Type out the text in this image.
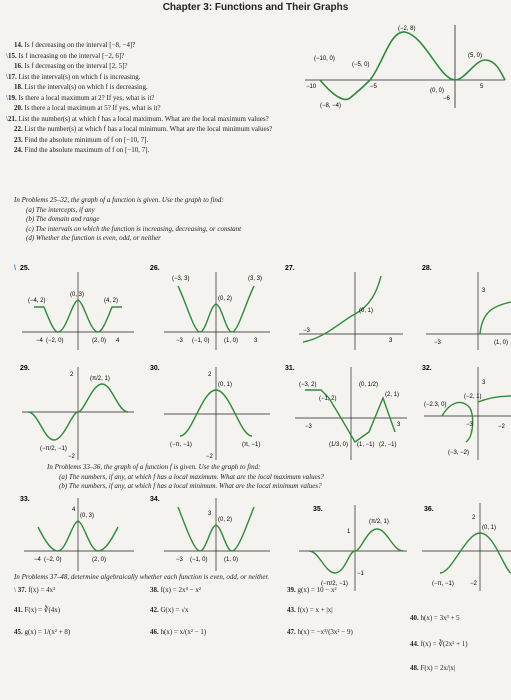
Chapter 3: Functions and Their Graphs
(−2, 8)
(−10, 0)
(−5, 0)
(−8, −4)
(0, 0)
(5, 0)
−10	−5	5
−6
14. Is f decreasing on the interval [−8, −4]?
\15. Is f increasing on the interval [−2, 6]?
16. Is f decreasing on the interval [2, 5]?
\17. List the interval(s) on which f is increasing.
18. List the interval(s) on which f is decreasing.
\19. Is there a local maximum at 2? If yes, what is it?
20. Is there a local maximum at 5? If yes, what is it?
\21. List the number(s) at which f has a local maximum. What are the local maximum values?
22. List the number(s) at which f has a local minimum. What are the local minimum values?
23. Find the absolute minimum of f on [−10, 7].
24. Find the absolute maximum of f on [−10, 7].
In Problems 25–32, the graph of a function is given. Use the graph to find:
(a) The intercepts, if any
(b) The domain and range
(c) The intervals on which the function is increasing, decreasing, or constant
(d) Whether the function is even, odd, or neither
\ 25.
(−4, 2)
(0, 3)
(4, 2)
(−2, 0)	(2, 0)
−4	4
26.
(−3, 3)	(3, 3)
(0, 2)
(−1, 0) (1, 0)
−3	3
27.
(0, 1)
3
−3
28.
3
−3	(1, 0)
29.
(π/2, 1)
(−π/2, −1)
2
−2
30.
(0, 1)
(−π, −1)	(π, −1)
2
−2
31.
(−3, 2)
(−1, 2)
(0, 1/2)
(2, 1)
(1/3, 0) (1, −1) (2, −1)
3
−3
32.
(−2.3, 0)
(−2, 1)
(−3, −2)
3
−3	−2
In Problems 33–36, the graph of a function f is given. Use the graph to find:
(a) The numbers, if any, at which f has a local maximum. What are the local maximum values?
(b) The numbers, if any, at which f has a local minimum. What are the local minimum values?
33.
(0, 3)
(−2, 0)	(2, 0)
4
−4
34.
(0, 2)
(−1, 0)	(1, 0)
3
−3
35.
(π/2, 1)
(−π/2, −1)
1
−1
36.
(0, 1)
(−π, −1)
2
−2
In Problems 37–48, determine algebraically whether each function is even, odd, or neither.
\ 37. f(x) = 4x³	38. f(x) = 2x⁴ − x²	39. g(x) = 10 − x²
40. h(x) = 3x³ + 5
41. F(x) = ∛(4x)	42. G(x) = √x	43. f(x) = x + |x|
44. f(x) = ∛(2x² + 1)
45. g(x) = 1/(x² + 8)	46. h(x) = x/(x² − 1)	47. h(x) = −x³/(3x² − 9)
48. F(x) = 2x/|x|
